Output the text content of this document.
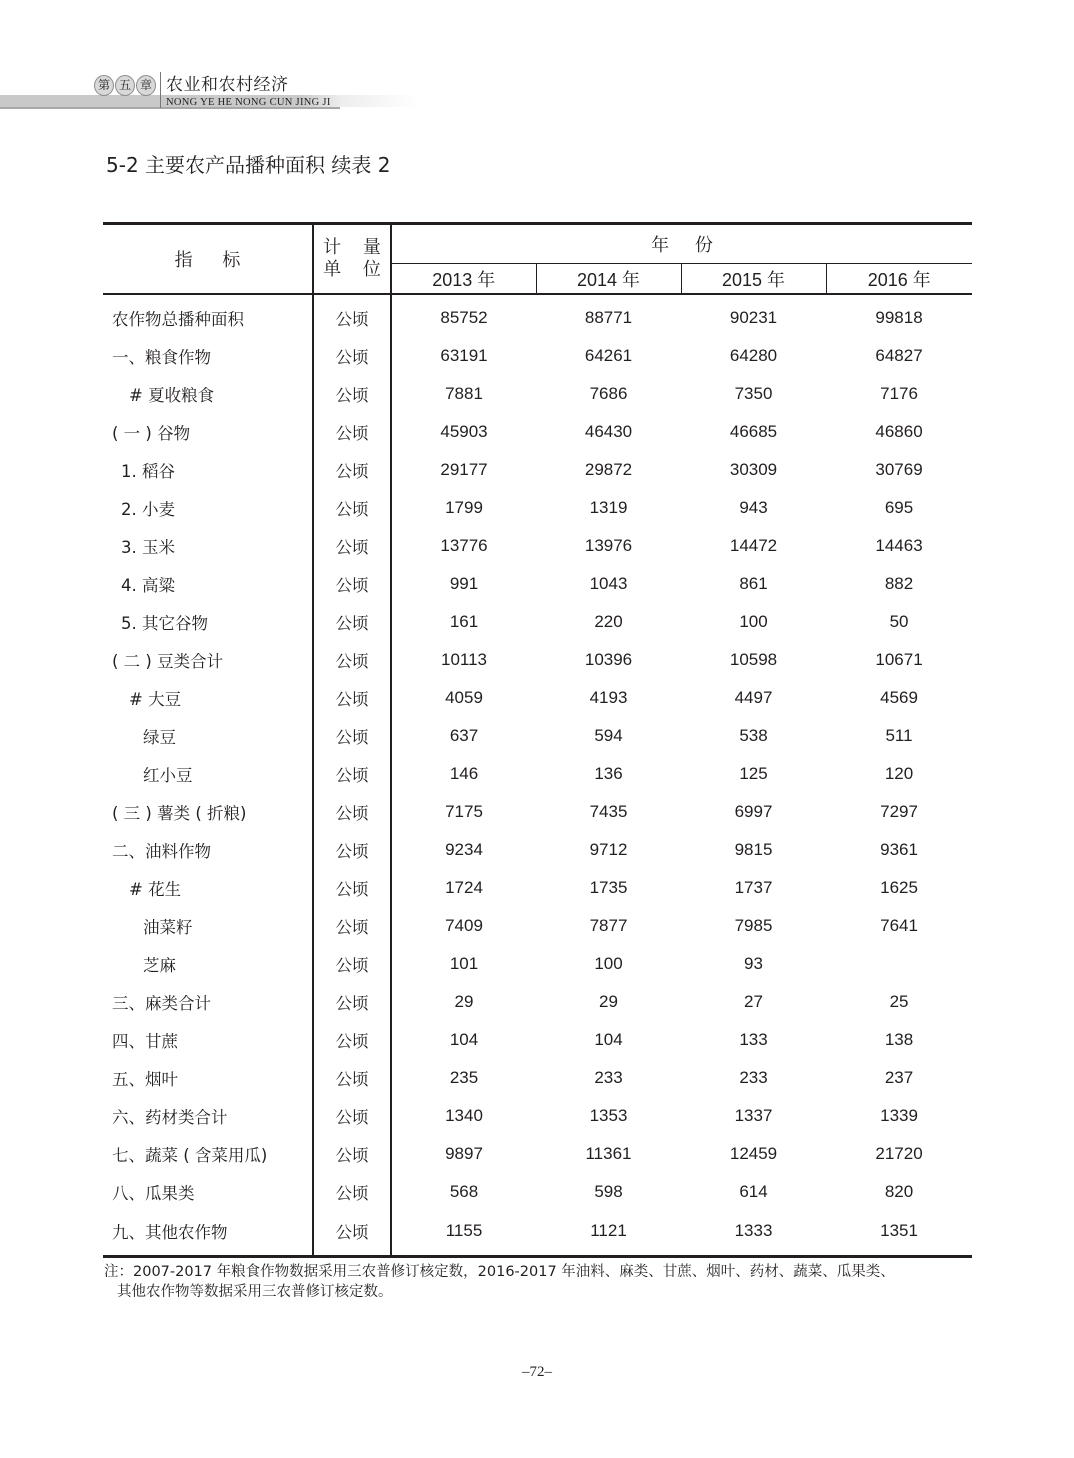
第 五 章 农业和农村经济
NONG YE HE NONG CUN JING JI
5-2 主要农产品播种面积 续表 2
指 标	计 量
单 位	年 份			
		2013 年	2014 年	2015 年	2016 年
农作物总播种面积	公顷	85752	88771	90231	99818
一、粮食作物	公顷	63191	64261	64280	64827
# 夏收粮食	公顷	7881	7686	7350	7176
( 一 ) 谷物	公顷	45903	46430	46685	46860
1. 稻谷	公顷	29177	29872	30309	30769
2. 小麦	公顷	1799	1319	943	695
3. 玉米	公顷	13776	13976	14472	14463
4. 高粱	公顷	991	1043	861	882
5. 其它谷物	公顷	161	220	100	50
( 二 ) 豆类合计	公顷	10113	10396	10598	10671
# 大豆	公顷	4059	4193	4497	4569
绿豆	公顷	637	594	538	511
红小豆	公顷	146	136	125	120
( 三 ) 薯类 ( 折粮)	公顷	7175	7435	6997	7297
二、油料作物	公顷	9234	9712	9815	9361
# 花生	公顷	1724	1735	1737	1625
油菜籽	公顷	7409	7877	7985	7641
芝麻	公顷	101	100	93	
三、麻类合计	公顷	29	29	27	25
四、甘蔗	公顷	104	104	133	138
五、烟叶	公顷	235	233	233	237
六、药材类合计	公顷	1340	1353	1337	1339
七、蔬菜 ( 含菜用瓜)	公顷	9897	11361	12459	21720
八、瓜果类	公顷	568	598	614	820
九、其他农作物	公顷	1155	1121	1333	1351
注：2007-2017 年粮食作物数据采用三农普修订核定数，2016-2017 年油料、麻类、甘蔗、烟叶、药材、蔬菜、瓜果类、
其他农作物等数据采用三农普修订核定数。
–72–
